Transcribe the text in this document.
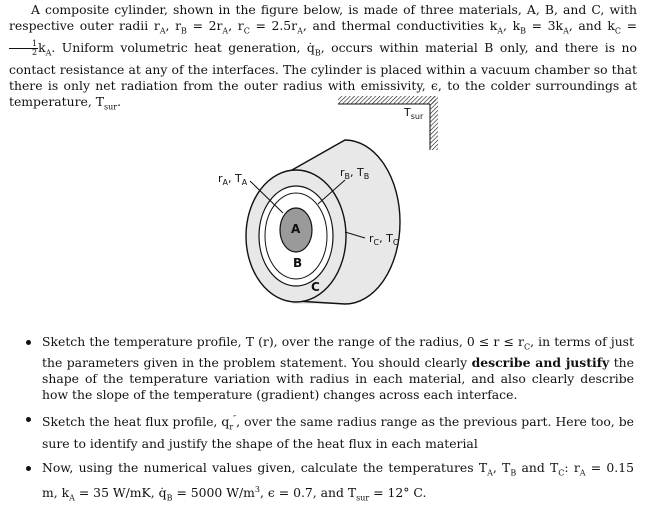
A composite cylinder, shown in the figure below, is made of three materials, A, B, and C, with respective outer radii $r_A$, $r_B = 2r_A$, $r_C = 2.5r_A$, and thermal conductivities $k_A$, $k_B = 3k_A$, and $k_C$ =
$\frac{1}{2} k_A$. Uniform volumetric heat generation, $q̇_B$, occurs within material B only, and there is no contact resistance at any of the interfaces. The cylinder is placed within a vacuum chamber so that there is only net radiation from the outer radius with emissivity, ϵ, to the colder surroundings at temperature, $T_{sur}$.
$T_{sur}$
A
B
C
$r_A$, $T_A$
$r_B$, $T_B$
$r_C$, $T_C$
Sketch the temperature profile, T (r), over the range of the radius, $0 \le r \le r_C$, in terms of just the parameters given in the problem statement. You should clearly describe and justify the shape of the temperature variation with radius in each material, and also clearly describe how the slope of the temperature (gradient) changes across each interface.
Sketch the heat flux profile, $q_r''$, over the same radius range as the previous part. Here too, be sure to identify and justify the shape of the heat flux in each material
Now, using the numerical values given, calculate the temperatures $T_A$, $T_B$ and $T_C$: $r_A = 0.15$ m, $k_A = 35$ W/mK, $q̇_B = 5000$ $W/m^3$, ϵ = 0.7, and $T_{sur} = 12^\circ$ C.
